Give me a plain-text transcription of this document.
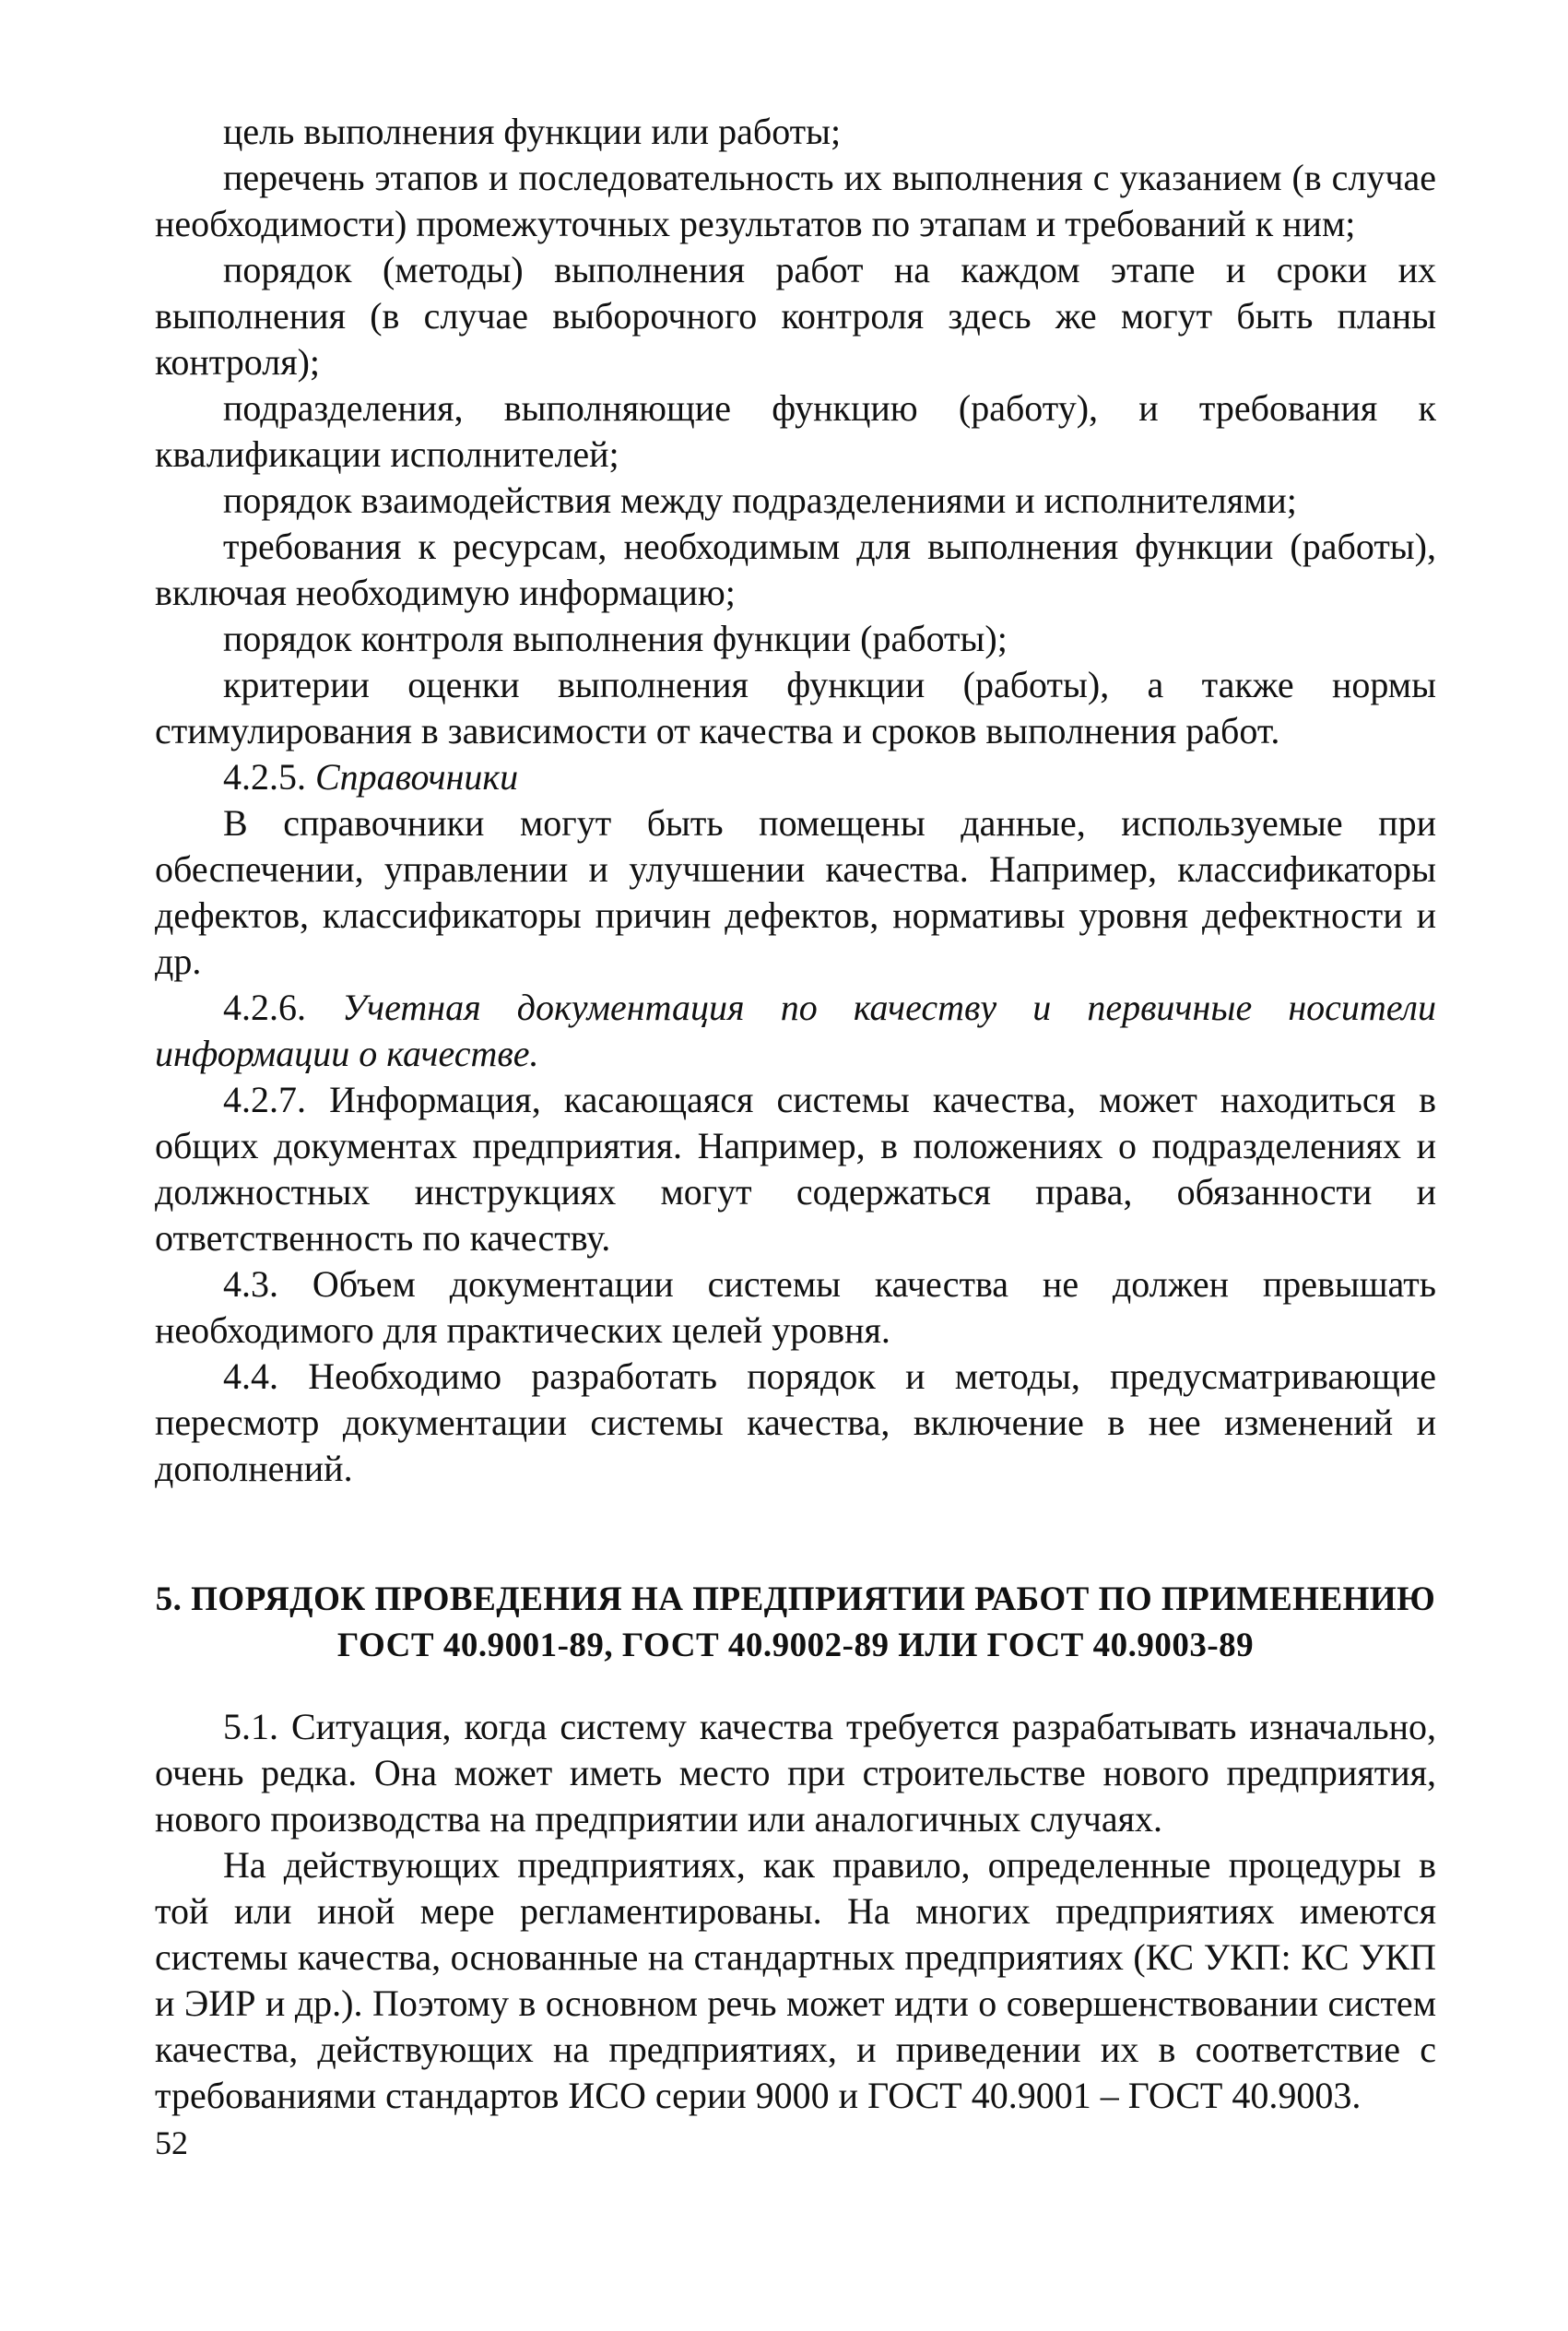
цель выполнения функции или работы;

перечень этапов и последовательность их выполнения с указанием (в случае необходимости) промежуточных результатов по этапам и требований к ним;

порядок (методы) выполнения работ на каждом этапе и сроки их выполнения (в случае выборочного контроля здесь же могут быть планы контроля);

подразделения, выполняющие функцию (работу), и требования к квалификации исполнителей;

порядок взаимодействия между подразделениями и исполнителями;

требования к ресурсам, необходимым для выполнения функции (работы), включая необходимую информацию;

порядок контроля выполнения функции (работы);

критерии оценки выполнения функции (работы), а также нормы стимулирования в зависимости от качества и сроков выполнения работ.

4.2.5. Справочники

В справочники могут быть помещены данные, используемые при обеспечении, управлении и улучшении качества. Например, классификаторы дефектов, классификаторы причин дефектов, нормативы уровня дефектности и др.

4.2.6. Учетная документация по качеству и первичные носители информации о качестве.

4.2.7. Информация, касающаяся системы качества, может находиться в общих документах предприятия. Например, в положениях о подразделениях и должностных инструкциях могут содержаться права, обязанности и ответственность по качеству.

4.3. Объем документации системы качества не должен превышать необходимого для практических целей уровня.

4.4. Необходимо разработать порядок и методы, предусматривающие пересмотр документации системы качества, включение в нее изменений и дополнений.

5. ПОРЯДОК ПРОВЕДЕНИЯ НА ПРЕДПРИЯТИИ РАБОТ ПО ПРИМЕНЕНИЮ
ГОСТ 40.9001-89, ГОСТ 40.9002-89 ИЛИ ГОСТ 40.9003-89

5.1. Ситуация, когда систему качества требуется разрабатывать изначально, очень редка. Она может иметь место при строительстве нового предприятия, нового производства на предприятии или аналогичных случаях.

На действующих предприятиях, как правило, определенные процедуры в той или иной мере регламентированы. На многих предприятиях имеются системы качества, основанные на стандартных предприятиях (КС УКП: КС УКП и ЭИР и др.). Поэтому в основном речь может идти о совершенствовании систем качества, действующих на предприятиях, и приведении их в соответствие с требованиями стандартов ИСО серии 9000 и ГОСТ 40.9001 – ГОСТ 40.9003.

52
